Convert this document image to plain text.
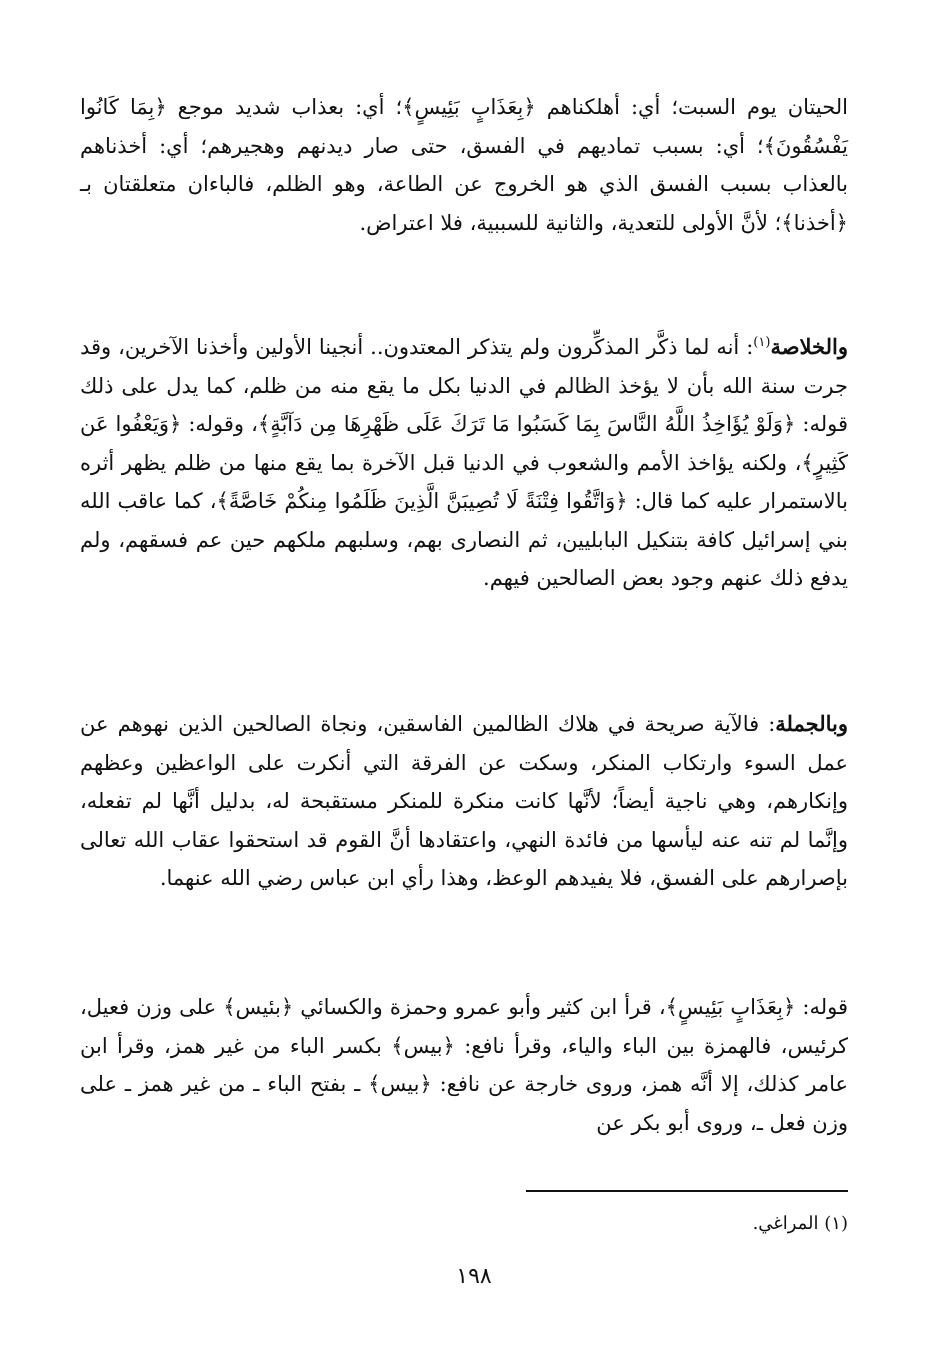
الحيتان يوم السبت؛ أي: أهلكناهم ﴿بِعَذَابٍ بَئِيسٍ﴾؛ أي: بعذاب شديد موجع ﴿بِمَا كَانُوا يَفْسُقُونَ﴾؛ أي: بسبب تماديهم في الفسق، حتى صار ديدنهم وهجيرهم؛ أي: أخذناهم بالعذاب بسبب الفسق الذي هو الخروج عن الطاعة، وهو الظلم، فالباءان متعلقتان بـ ﴿أخذنا﴾؛ لأنَّ الأولى للتعدية، والثانية للسببية، فلا اعتراض.

والخلاصة$^{(١)}$: أنه لما ذكَّر المذكِّرون ولم يتذكر المعتدون.. أنجينا الأولين وأخذنا الآخرين، وقد جرت سنة الله بأن لا يؤخذ الظالم في الدنيا بكل ما يقع منه من ظلم، كما يدل على ذلك قوله: ﴿وَلَوْ يُؤَاخِذُ اللَّهُ النَّاسَ بِمَا كَسَبُوا مَا تَرَكَ عَلَى ظَهْرِهَا مِن دَآبَّةٍ﴾، وقوله: ﴿وَيَعْفُوا عَن كَثِيرٍ﴾، ولكنه يؤاخذ الأمم والشعوب في الدنيا قبل الآخرة بما يقع منها من ظلم يظهر أثره بالاستمرار عليه كما قال: ﴿وَاتَّقُوا فِتْنَةً لَا تُصِيبَنَّ الَّذِينَ ظَلَمُوا مِنكُمْ خَاصَّةً﴾، كما عاقب الله بني إسرائيل كافة بتنكيل البابليين، ثم النصارى بهم، وسلبهم ملكهم حين عم فسقهم، ولم يدفع ذلك عنهم وجود بعض الصالحين فيهم.

وبالجملة: فالآية صريحة في هلاك الظالمين الفاسقين، ونجاة الصالحين الذين نهوهم عن عمل السوء وارتكاب المنكر، وسكت عن الفرقة التي أنكرت على الواعظين وعظهم وإنكارهم، وهي ناجية أيضاً؛ لأنَّها كانت منكرة للمنكر مستقبحة له، بدليل أنَّها لم تفعله، وإنَّما لم تنه عنه ليأسها من فائدة النهي، واعتقادها أنَّ القوم قد استحقوا عقاب الله تعالى بإصرارهم على الفسق، فلا يفيدهم الوعظ، وهذا رأي ابن عباس رضي الله عنهما.

قوله: ﴿بِعَذَابٍ بَئِيسٍ﴾، قرأ ابن كثير وأبو عمرو وحمزة والكسائي ﴿بئيس﴾ على وزن فعيل، كرئيس، فالهمزة بين الباء والياء، وقرأ نافع: ﴿بيس﴾ بكسر الباء من غير همز، وقرأ ابن عامر كذلك، إلا أنَّه همز، وروى خارجة عن نافع: ﴿بيس﴾ ـ بفتح الباء ـ من غير همز ـ على وزن فعل ـ، وروى أبو بكر عن

(١) المراغي.
١٩٨
